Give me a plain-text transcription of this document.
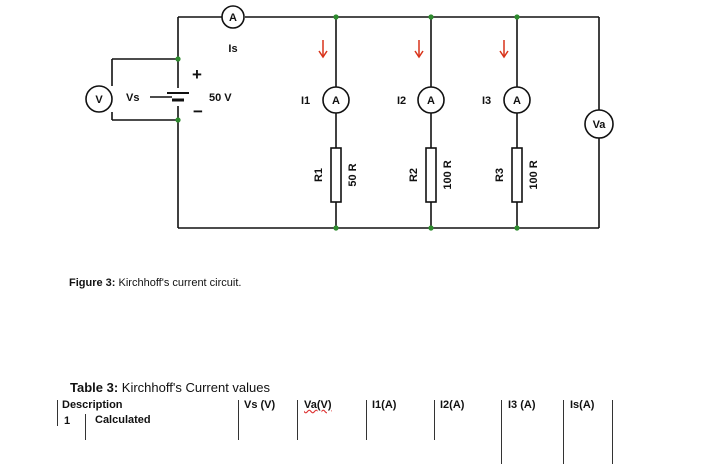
A
V	A	A	A
Va
Is
Vs	50 V
+
−
I1	I2	I3
R1 50 R	R2 100 R	R3 100 R
Figure 3: Kirchhoff's current circuit.
Table 3: Kirchhoff's Current values
Description	Vs (V)	Va(V)	I1(A)	I2(A)	I3 (A)	Is(A)
1 Calculated
